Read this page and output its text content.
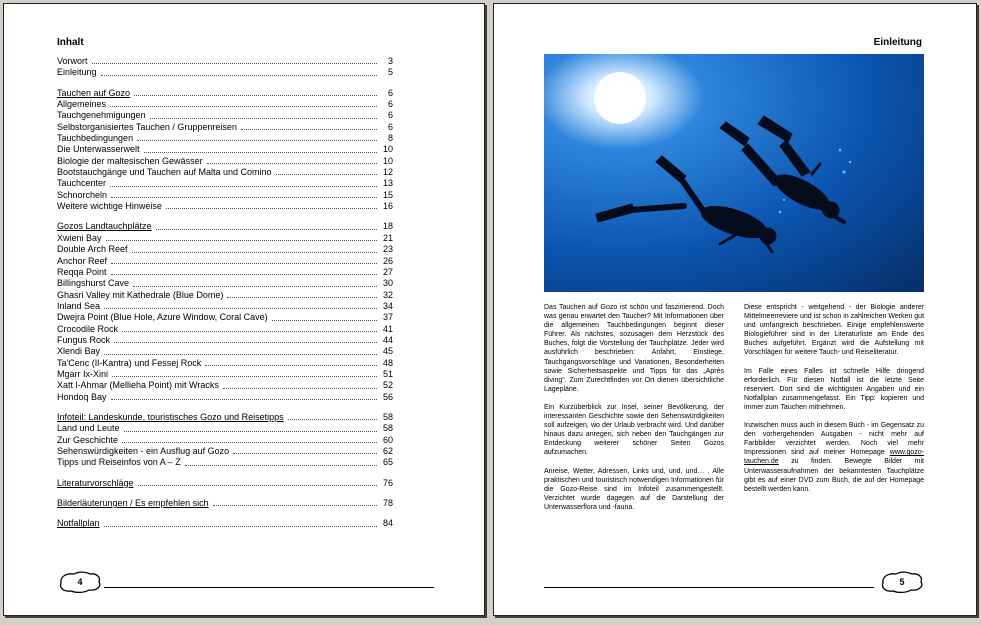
Inhalt
Vorwort	3
Einleitung	5
Tauchen auf Gozo	6
Allgemeines	6
Tauchgenehmigungen	6
Selbstorganisiertes Tauchen / Gruppenreisen	6
Tauchbedingungen	8
Die Unterwasserwelt	10
Biologie der maltesischen Gewässer	10
Bootstauchgänge und Tauchen auf Malta und Comino	12
Tauchcenter	13
Schnorcheln	15
Weitere wichtige Hinweise	16
Gozos Landtauchplätze	18
Xwieni Bay	21
Double Arch Reef	23
Anchor Reef	26
Reqqa Point	27
Billingshurst Cave	30
Ghasri Valley mit Kathedrale (Blue Dome)	32
Inland Sea	34
Dwejra Point (Blue Hole, Azure Window, Coral Cave)	37
Crocodile Rock	41
Fungus Rock	44
Xlendi Bay	45
Ta'Cenc (Il-Kantra) und Fessej Rock	48
Mgarr Ix-Xini	51
Xatt l-Ahmar (Mellieha Point) mit Wracks	52
Hondoq Bay	56
Infoteil: Landeskunde, touristisches Gozo und Reisetipps	58
Land und Leute	58
Zur Geschichte	60
Sehenswürdigkeiten - ein Ausflug auf Gozo	62
Tipps und Reiseinfos von A – Z	65
Literaturvorschläge	76
Bilderläuterungen / Es empfehlen sich	78
Notfallplan	84
4
Einleitung

Das Tauchen auf Gozo ist schön und faszinierend. Doch was genau erwartet den Taucher? Mit Informationen über die allgemeinen Tauchbedingungen beginnt dieser Führer. Als nächstes, sozusagen dem Herzstück des Buches, folgt die Vorstellung der Tauchplätze. Jeder wird ausführlich beschrieben: Anfahrt, Einstiege, Tauchgangsvorschläge und Variationen, Besonderheiten sowie Sicherheitsaspekte und Tipps für das „Après diving“. Zum Zurechtfinden vor Ort dienen übersichtliche Lagepläne.

Ein Kurzüberblick zur Insel, seiner Bevölkerung, der interessanten Geschichte sowie den Sehenswürdigkeiten soll aufzeigen, wo der Urlaub verbracht wird. Und darüber hinaus dazu anregen, sich neben den Tauchgängen zur Entdeckung weiterer schöner Seiten Gozos aufzumachen.

Anreise, Wetter, Adressen, Links und, und, und… . Alle praktischen und touristisch notwendigen Informationen für die Gozo-Reise sind im Infoteil zusammengestellt. Verzichtet wurde dagegen auf die Darstellung der Unterwasserflora und -fauna.

Diese entspricht - weitgehend - der Biologie anderer Mittelmeerreviere und ist schon in zahlreichen Werken gut und umfangreich beschrieben. Einige empfehlenswerte Biologieführer sind in der Literaturliste am Ende des Buches aufgeführt. Ergänzt wird die Aufstellung mit Vorschlägen für weitere Tauch- und Reiseliteratur.

Im Falle eines Falles ist schnelle Hilfe dringend erforderlich. Für diesen Notfall ist die letzte Seite reserviert. Dort sind die wichtigsten Angaben und ein Notfallplan zusammengefasst. Ein Tipp: kopieren und immer zum Tauchen mitnehmen.

Inzwischen muss auch in diesem Buch - im Gegensatz zu den vorhergehenden Ausgaben - nicht mehr auf Farbbilder verzichtet werden. Noch viel mehr Impressionen sind auf meiner Homepage www.gozo-tauchen.de zu finden. Bewegte Bilder mit Unterwasseraufnahmen der bekanntesten Tauchplätze gibt es auf einer DVD zum Buch, die auf der Homepage bestellt werden kann.

5
